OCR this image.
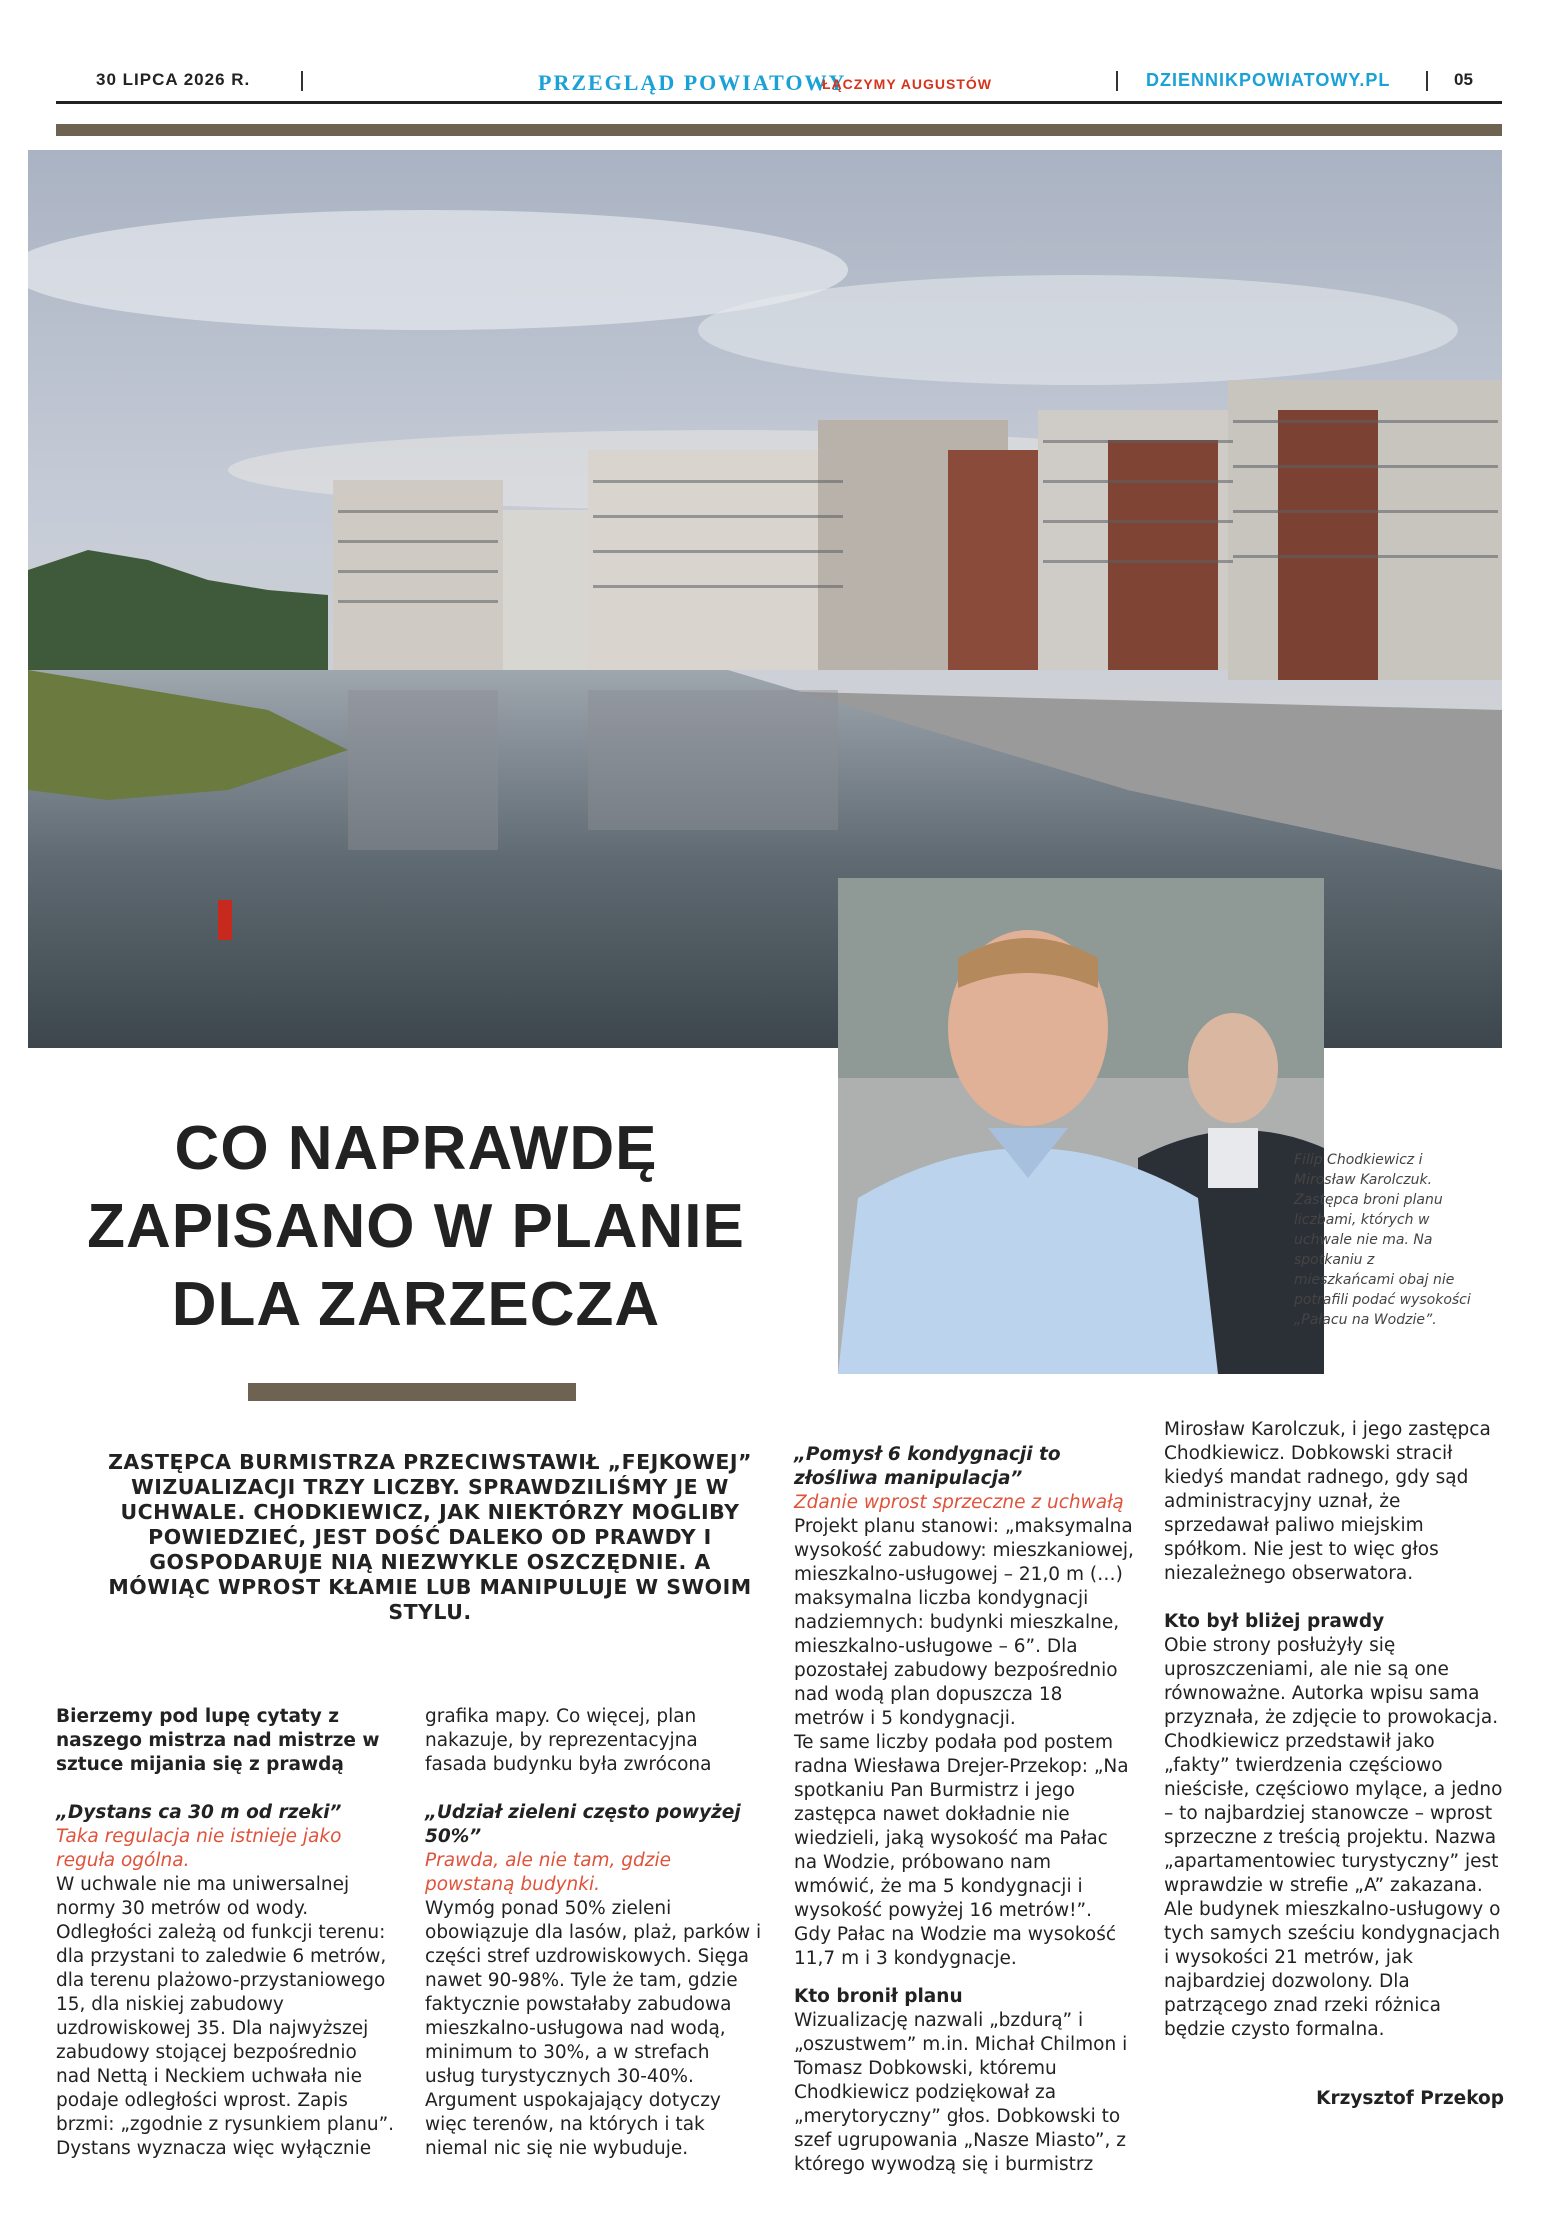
30 LIPCA 2026 R.	PRZEGLĄD POWIATOWY
ŁĄCZYMY AUGUSTÓW	DZIENNIKPOWIATOWY.PL	05
Filip Chodkiewicz i Mirosław Karolczuk. Zastępca broni planu liczbami, których w uchwale nie ma. Na spotkaniu z mieszkańcami obaj nie potrafili podać wysokości „Pałacu na Wodzie”.
CO NAPRAWDĘ ZAPISANO W PLANIE DLA ZARZECZA
ZASTĘPCA BURMISTRZA PRZECIWSTAWIŁ „FEJKOWEJ” WIZUALIZACJI TRZY LICZBY. SPRAWDZILIŚMY JE W UCHWALE. CHODKIEWICZ, JAK NIEKTÓRZY MOGLIBY POWIEDZIEĆ, JEST DOŚĆ DALEKO OD PRAWDY I GOSPODARUJE NIĄ NIEZWYKLE OSZCZĘDNIE. A MÓWIĄC WPROST KŁAMIE LUB MANIPULUJE W SWOIM STYLU.

Bierzemy pod lupę cytaty z naszego mistrza nad mistrze w sztuce mijania się z prawdą

„Dystans ca 30 m od rzeki”

Taka regulacja nie istnieje jako reguła ogólna.

W uchwale nie ma uniwersalnej normy 30 metrów od wody. Odległości zależą od funkcji terenu: dla przystani to zaledwie 6 metrów, dla terenu plażowo-przystaniowego 15, dla niskiej zabudowy uzdrowiskowej 35. Dla najwyższej zabudowy stojącej bezpośrednio nad Nettą i Neckiem uchwała nie podaje odległości wprost. Zapis brzmi: „zgodnie z rysunkiem planu”. Dystans wyznacza więc wyłącznie

grafika mapy. Co więcej, plan nakazuje, by reprezentacyjna fasada budynku była zwrócona

„Udział zieleni często powyżej 50%”

Prawda, ale nie tam, gdzie powstaną budynki.

Wymóg ponad 50% zieleni obowiązuje dla lasów, plaż, parków i części stref uzdrowiskowych. Sięga nawet 90-98%. Tyle że tam, gdzie faktycznie powstałaby zabudowa mieszkalno-usługowa nad wodą, minimum to 30%, a w strefach usług turystycznych 30-40%. Argument uspokajający dotyczy więc terenów, na których i tak niemal nic się nie wybuduje.

„Pomysł 6 kondygnacji to złośliwa manipulacja”

Zdanie wprost sprzeczne z uchwałą

Projekt planu stanowi: „maksymalna wysokość zabudowy: mieszkaniowej, mieszkalno-usługowej – 21,0 m (…) maksymalna liczba kondygnacji nadziemnych: budynki mieszkalne, mieszkalno-usługowe – 6”. Dla pozostałej zabudowy bezpośrednio nad wodą plan dopuszcza 18 metrów i 5 kondygnacji.

Te same liczby podała pod postem radna Wiesława Drejer-Przekop: „Na spotkaniu Pan Burmistrz i jego zastępca nawet dokładnie nie wiedzieli, jaką wysokość ma Pałac na Wodzie, próbowano nam wmówić, że ma 5 kondygnacji i wysokość powyżej 16 metrów!”. Gdy Pałac na Wodzie ma wysokość 11,7 m i 3 kondygnacje.

Kto bronił planu

Wizualizację nazwali „bzdurą” i „oszustwem” m.in. Michał Chilmon i Tomasz Dobkowski, któremu Chodkiewicz podziękował za „merytoryczny” głos. Dobkowski to szef ugrupowania „Nasze Miasto”, z którego wywodzą się i burmistrz

Mirosław Karolczuk, i jego zastępca Chodkiewicz. Dobkowski stracił kiedyś mandat radnego, gdy sąd administracyjny uznał, że sprzedawał paliwo miejskim spółkom. Nie jest to więc głos niezależnego obserwatora.

Kto był bliżej prawdy

Obie strony posłużyły się uproszczeniami, ale nie są one równoważne. Autorka wpisu sama przyznała, że zdjęcie to prowokacja. Chodkiewicz przedstawił jako „fakty” twierdzenia częściowo nieścisłe, częściowo mylące, a jedno – to najbardziej stanowcze – wprost sprzeczne z treścią projektu. Nazwa „apartamentowiec turystyczny” jest wprawdzie w strefie „A” zakazana. Ale budynek mieszkalno-usługowy o tych samych sześciu kondygnacjach i wysokości 21 metrów, jak najbardziej dozwolony. Dla patrzącego znad rzeki różnica będzie czysto formalna.

Krzysztof Przekop
